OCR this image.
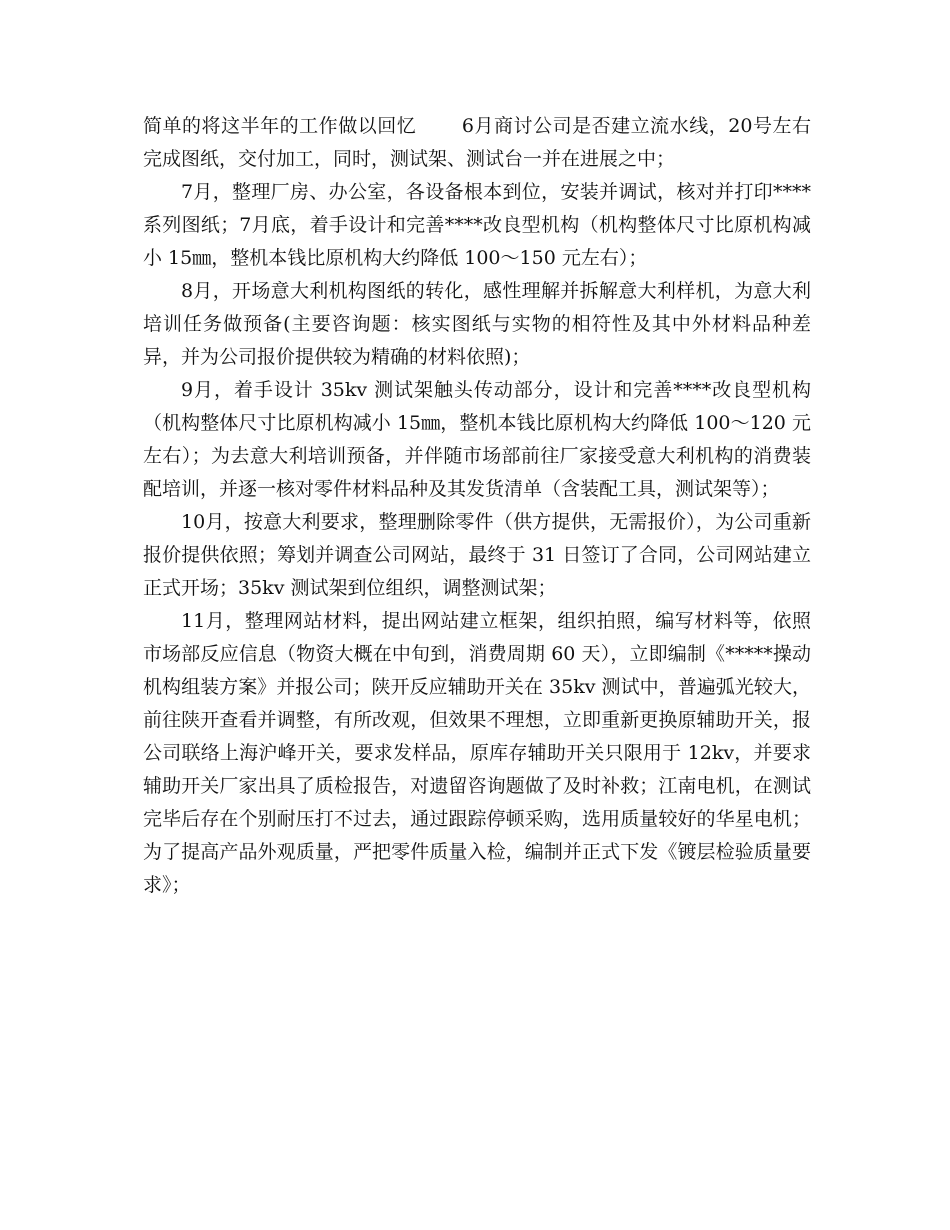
简单的将这半年的工作做以回忆　　 6月商讨公司是否建立流水线，20号左右完成图纸，交付加工，同时，测试架、测试台一并在进展之中；

7月，整理厂房、办公室，各设备根本到位，安装并调试，核对并打印****系列图纸；7月底，着手设计和完善****改良型机构（机构整体尺寸比原机构减小 15㎜，整机本钱比原机构大约降低 100～150 元左右）；

8月，开场意大利机构图纸的转化，感性理解并拆解意大利样机，为意大利培训任务做预备(主要咨询题：核实图纸与实物的相符性及其中外材料品种差异，并为公司报价提供较为精确的材料依照)；

9月，着手设计 35kv 测试架触头传动部分，设计和完善****改良型机构（机构整体尺寸比原机构减小 15㎜，整机本钱比原机构大约降低 100～120 元左右）；为去意大利培训预备，并伴随市场部前往厂家接受意大利机构的消费装配培训，并逐一核对零件材料品种及其发货清单（含装配工具，测试架等）；

10月，按意大利要求，整理删除零件（供方提供，无需报价），为公司重新报价提供依照；筹划并调查公司网站，最终于 31 日签订了合同，公司网站建立正式开场；35kv 测试架到位组织，调整测试架；

11月，整理网站材料，提出网站建立框架，组织拍照，编写材料等，依照市场部反应信息（物资大概在中旬到，消费周期 60 天），立即编制《*****操动机构组装方案》并报公司；陕开反应辅助开关在 35kv 测试中，普遍弧光较大，前往陕开查看并调整，有所改观，但效果不理想，立即重新更换原辅助开关，报公司联络上海沪峰开关，要求发样品，原库存辅助开关只限用于 12kv，并要求辅助开关厂家出具了质检报告，对遗留咨询题做了及时补救；江南电机，在测试完毕后存在个别耐压打不过去，通过跟踪停顿采购，选用质量较好的华星电机；为了提高产品外观质量，严把零件质量入检，编制并正式下发《镀层检验质量要求》；
